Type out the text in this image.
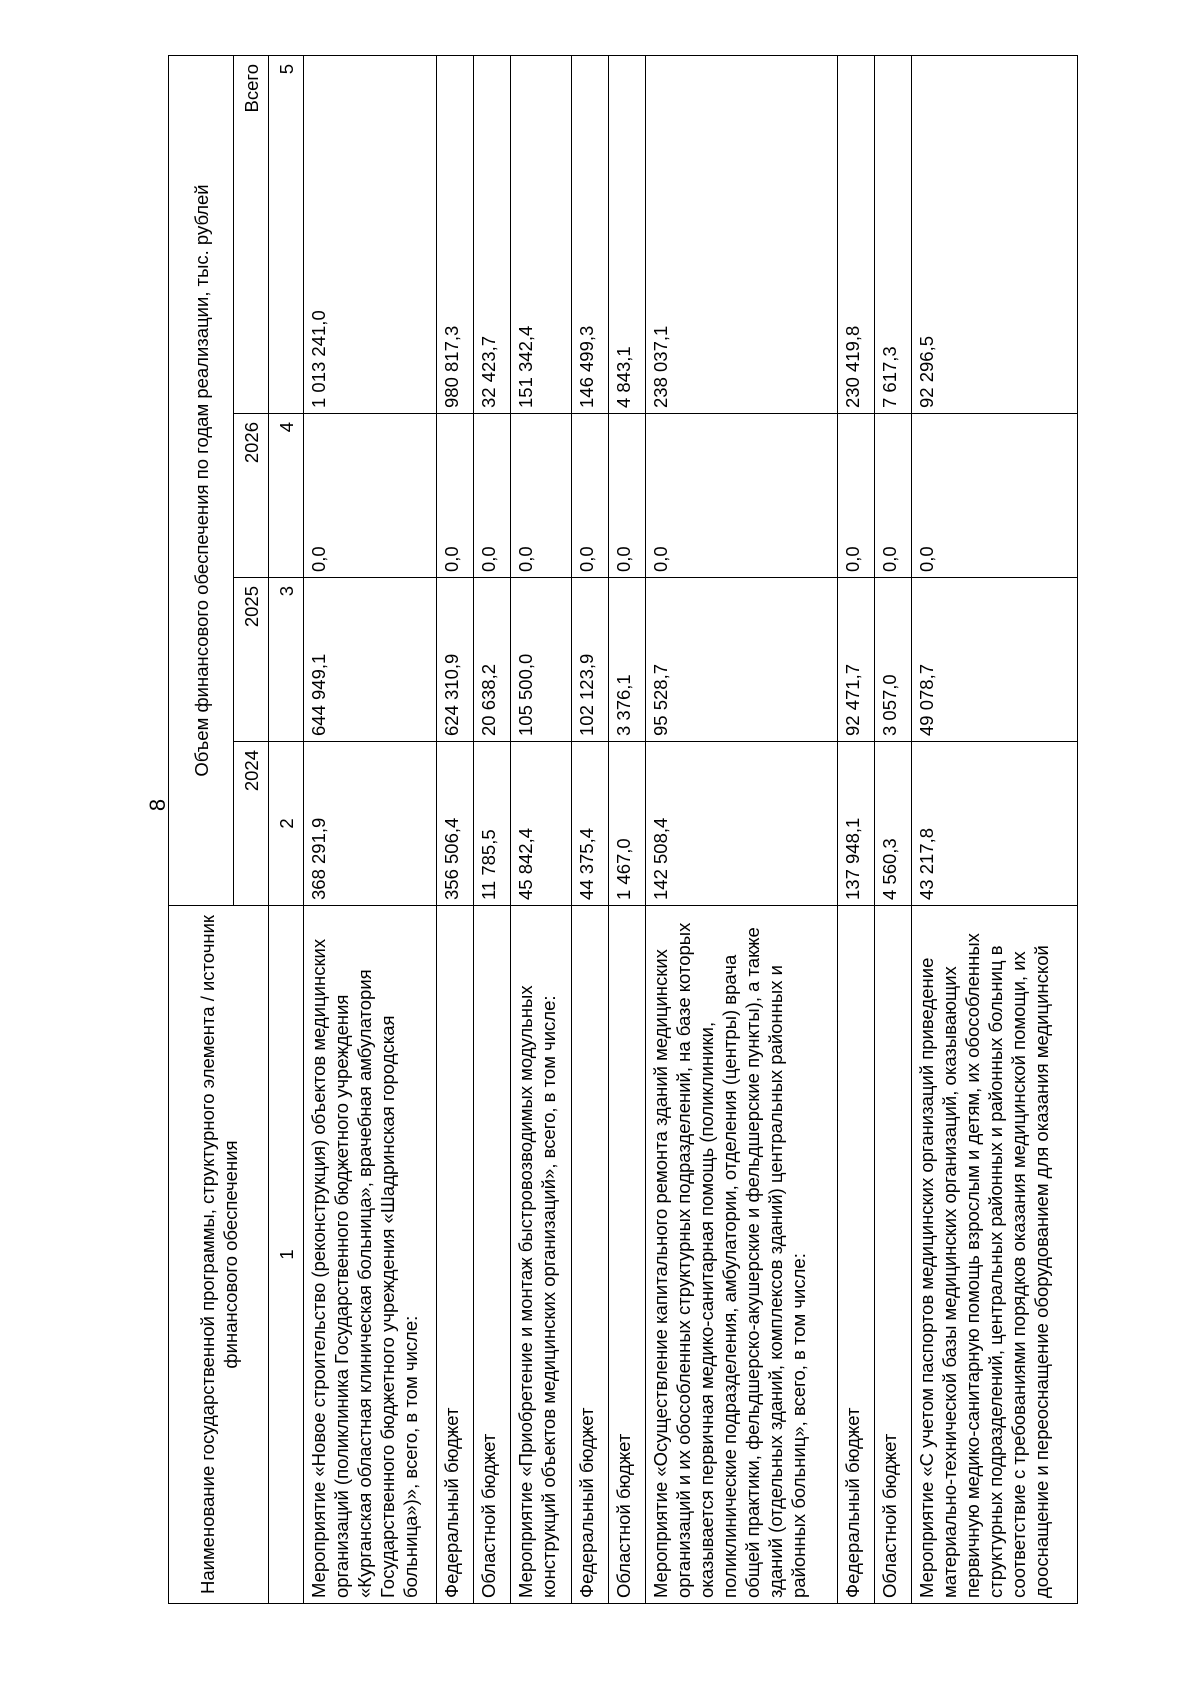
8
Наименование государственной программы, структурного элемента / источник финансового обеспечения	Объем финансового обеспечения по годам реализации, тыс. рублей			
	2024	2025	2026	Всего
1	2	3	4	5
Мероприятие «Новое строительство (реконструкция) объектов медицинских организаций (поликлиника Государственного бюджетного учреждения «Курганская областная клиническая больница», врачебная амбулатория Государственного бюджетного учреждения «Шадринская городская больница»)», всего, в том числе:	368 291,9	644 949,1	0,0	1 013 241,0
Федеральный бюджет	356 506,4	624 310,9	0,0	980 817,3
Областной бюджет	11 785,5	20 638,2	0,0	32 423,7
Мероприятие «Приобретение и монтаж быстровозводимых модульных конструкций объектов медицинских организаций», всего, в том числе:	45 842,4	105 500,0	0,0	151 342,4
Федеральный бюджет	44 375,4	102 123,9	0,0	146 499,3
Областной бюджет	1 467,0	3 376,1	0,0	4 843,1
Мероприятие «Осуществление капитального ремонта зданий медицинских организаций и их обособленных структурных подразделений, на базе которых оказывается первичная медико-санитарная помощь (поликлиники, поликлинические подразделения, амбулатории, отделения (центры) врача общей практики, фельдшерско-акушерские и фельдшерские пункты), а также зданий (отдельных зданий, комплексов зданий) центральных районных и районных больниц», всего, в том числе:	142 508,4	95 528,7	0,0	238 037,1
Федеральный бюджет	137 948,1	92 471,7	0,0	230 419,8
Областной бюджет	4 560,3	3 057,0	0,0	7 617,3
Мероприятие «С учетом паспортов медицинских организаций приведение материально-технической базы медицинских организаций, оказывающих первичную медико-санитарную помощь взрослым и детям, их обособленных структурных подразделений, центральных районных и районных больниц в соответствие с требованиями порядков оказания медицинской помощи, их дооснащение и переоснащение оборудованием для оказания медицинской	43 217,8	49 078,7	0,0	92 296,5
